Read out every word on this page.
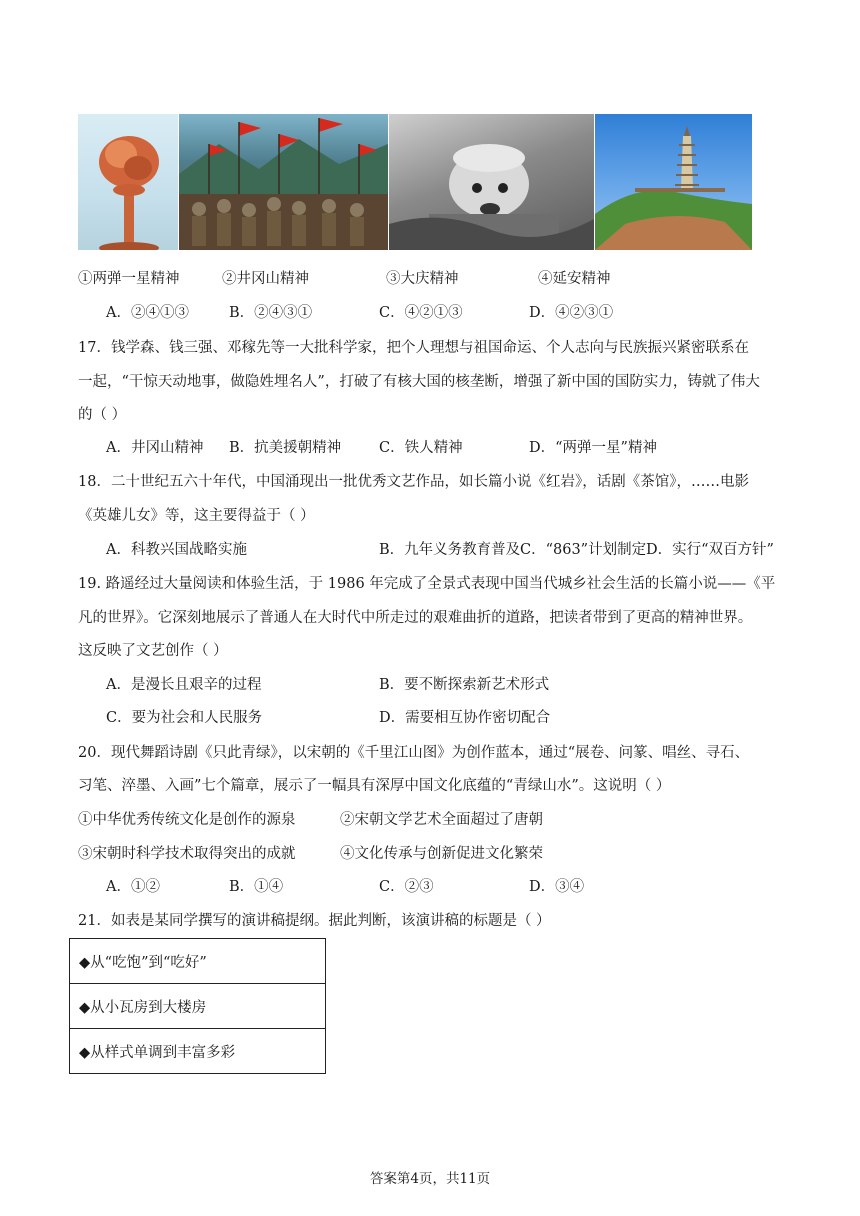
①两弹一星精神	②井冈山精神	③大庆精神	④延安精神
A．②④①③	B．②④③①	C．④②①③	D．④②③①
17．钱学森、钱三强、邓稼先等一大批科学家，把个人理想与祖国命运、个人志向与民族振兴紧密联系在
一起，“干惊天动地事，做隐姓埋名人”，打破了有核大国的核垄断，增强了新中国的国防实力，铸就了伟大
的（ ）
A．井冈山精神 B．抗美援朝精神	C．铁人精神	D．“两弹一星”精神
18．二十世纪五六十年代，中国涌现出一批优秀文艺作品，如长篇小说《红岩》，话剧《茶馆》，……电影
《英雄儿女》等，这主要得益于（ ）
A．科教兴国战略实施	B．九年义务教育普及 C．“863”计划制定 D．实行“双百方针”
19. 路遥经过大量阅读和体验生活，于 1986 年完成了全景式表现中国当代城乡社会生活的长篇小说——《平
凡的世界》。它深刻地展示了普通人在大时代中所走过的艰难曲折的道路，把读者带到了更高的精神世界。
这反映了文艺创作（ ）
A．是漫长且艰辛的过程	B．要不断探索新艺术形式
C．要为社会和人民服务	D．需要相互协作密切配合
20．现代舞蹈诗剧《只此青绿》，以宋朝的《千里江山图》为创作蓝本，通过“展卷、问篆、唱丝、寻石、
习笔、淬墨、入画”七个篇章，展示了一幅具有深厚中国文化底蕴的“青绿山水”。这说明（ ）
①中华优秀传统文化是创作的源泉	②宋朝文学艺术全面超过了唐朝
③宋朝时科学技术取得突出的成就	④文化传承与创新促进文化繁荣
A．①②	B．①④	C．②③	D．③④
21．如表是某同学撰写的演讲稿提纲。据此判断，该演讲稿的标题是（ ）
◆从“吃饱”到“吃好”
◆从小瓦房到大楼房
◆从样式单调到丰富多彩
答案第4页，共11页
